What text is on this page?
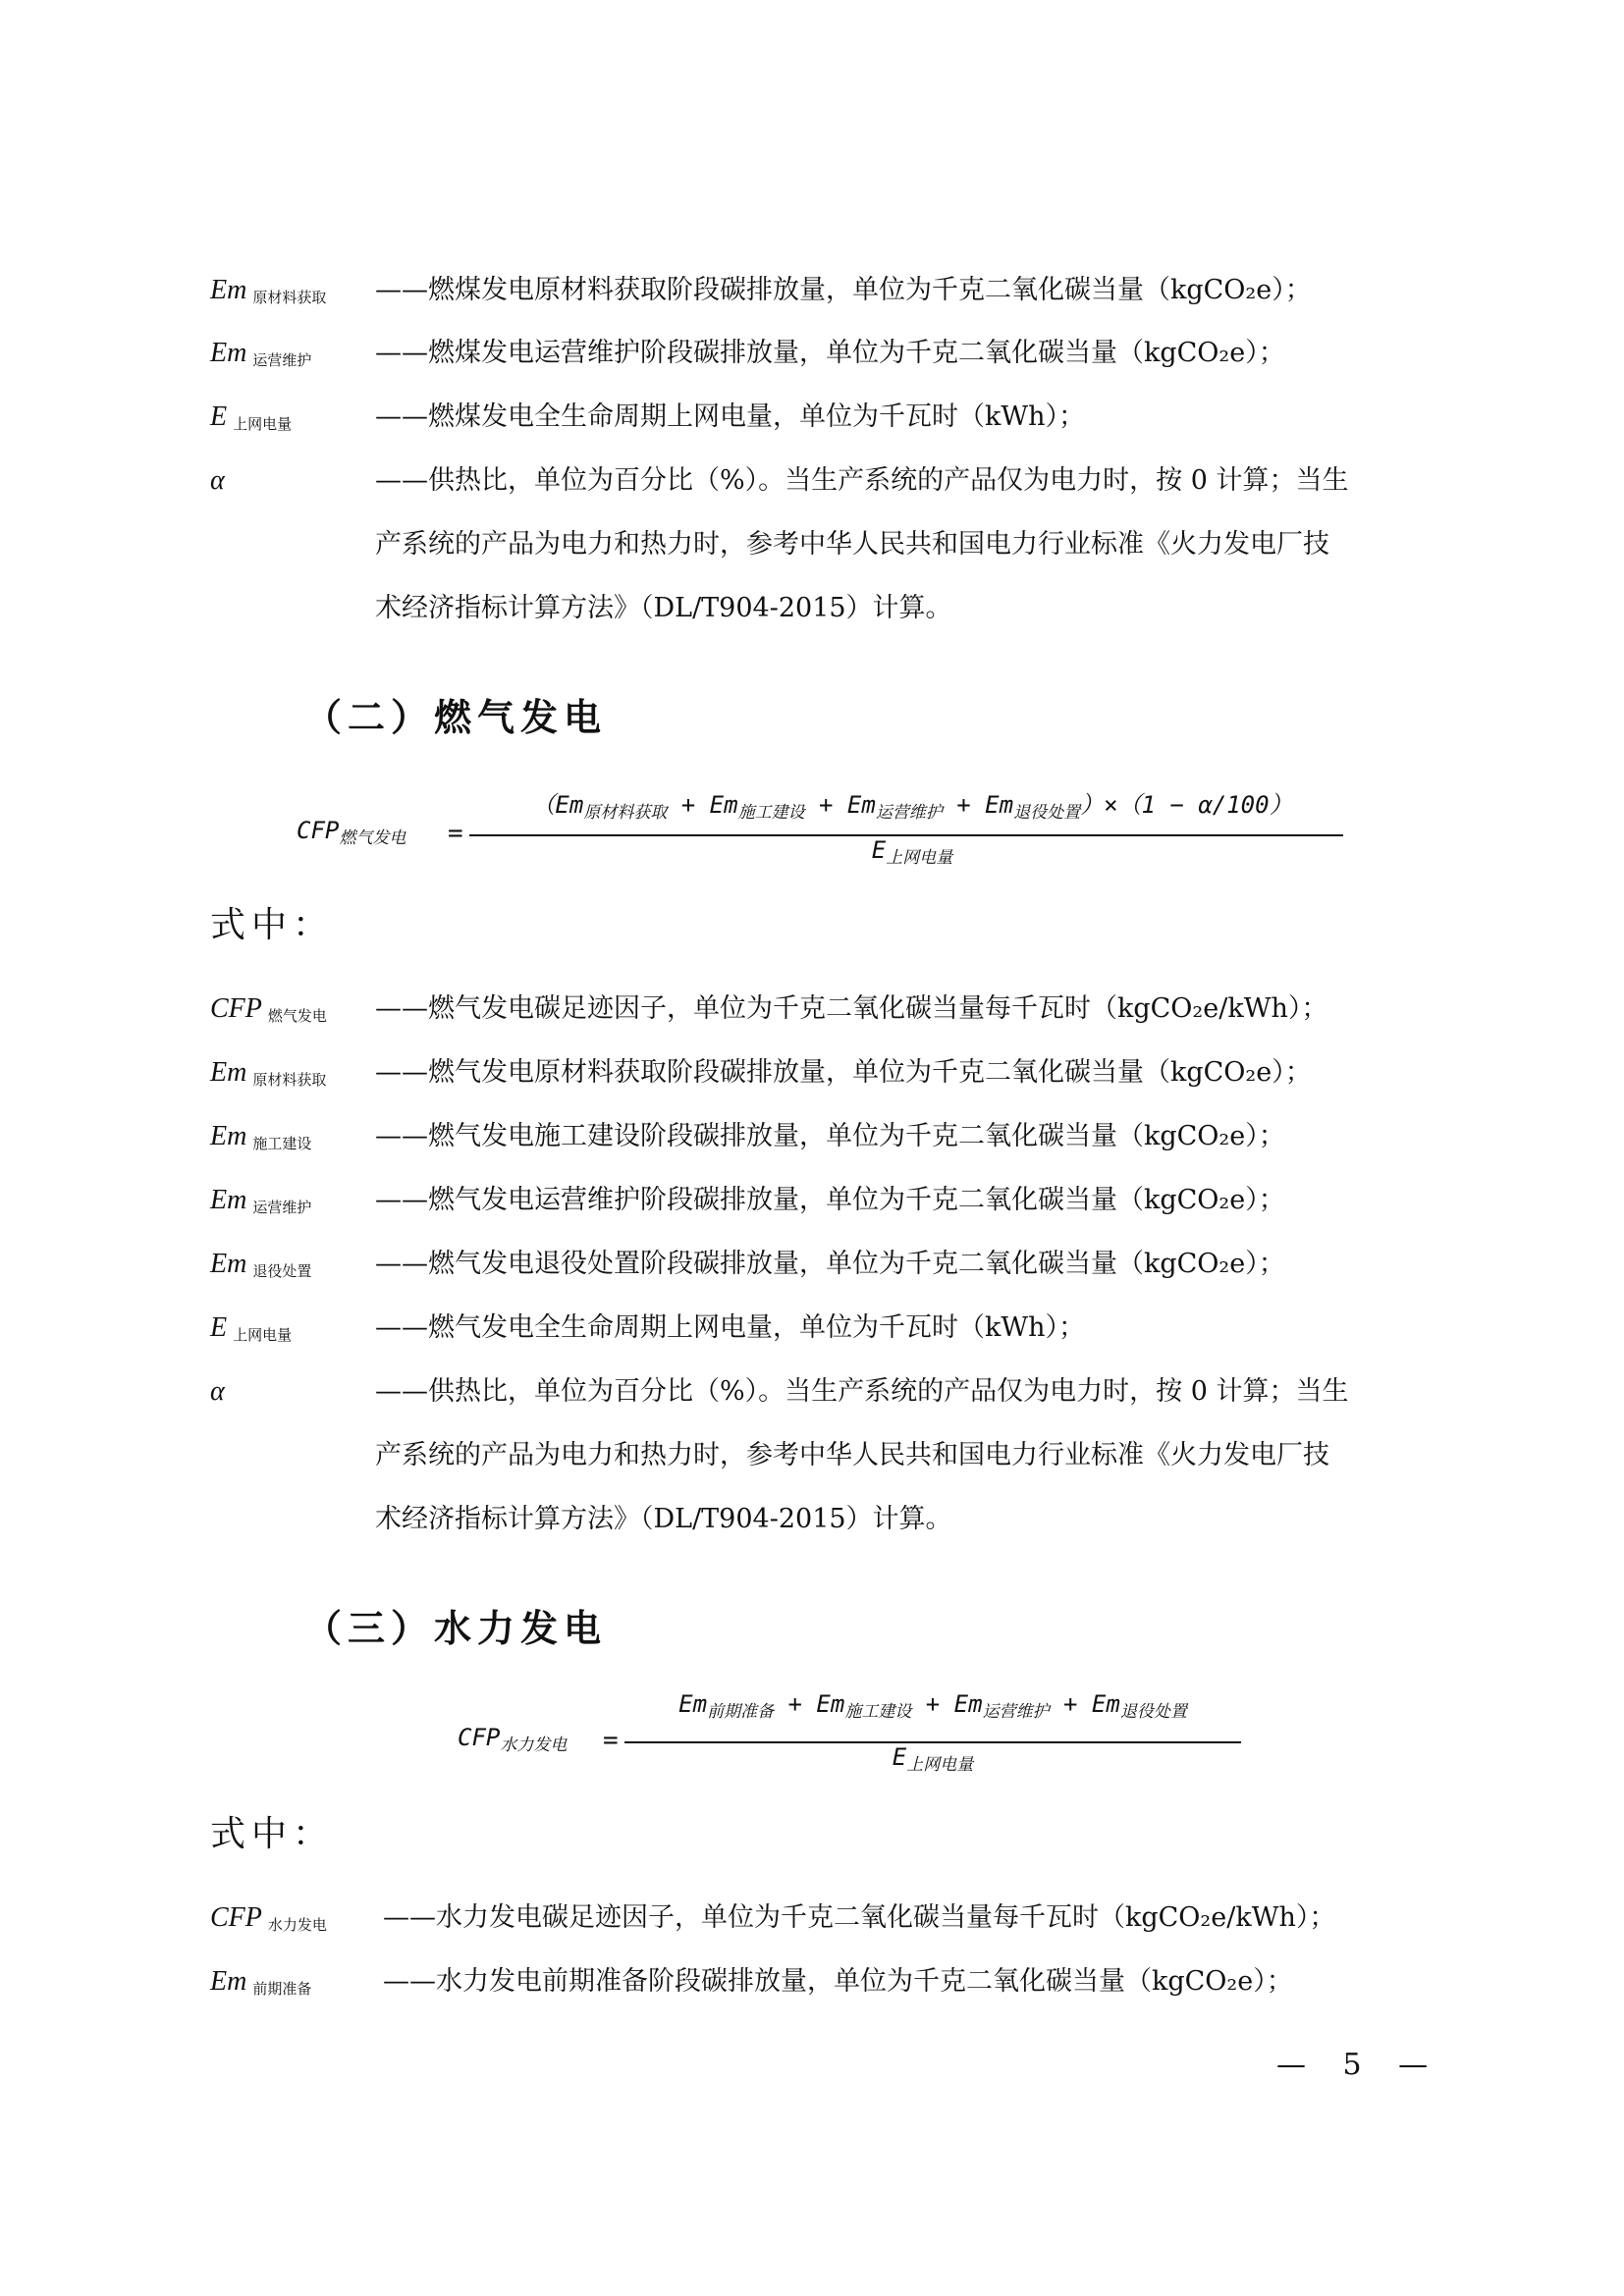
Em $_{原材料获取}$ ——燃煤发电原材料获取阶段碳排放量，单位为千克二氧化碳当量（kgCO₂e）；
Em $_{运营维护}$ ——燃煤发电运营维护阶段碳排放量，单位为千克二氧化碳当量（kgCO₂e）；
E $_{上网电量}$	——燃煤发电全生命周期上网电量，单位为千瓦时（kWh）；
α	——供热比，单位为百分比（%）。当生产系统的产品仅为电力时，按 0 计算；当生
产系统的产品为电力和热力时，参考中华人民共和国电力行业标准《火力发电厂技
术经济指标计算方法》（DL/T904-2015）计算。
（二）燃气发电
$CFP_{燃气发电}$ =
$(Em_{原材料获取} + Em_{施工建设} + Em_{运营维护} + Em_{退役处置})\times(1 - \alpha/100)$
$E_{上网电量}$
式中：
CFP $_{燃气发电}$ ——燃气发电碳足迹因子，单位为千克二氧化碳当量每千瓦时（kgCO₂e/kWh）；
Em $_{原材料获取}$ ——燃气发电原材料获取阶段碳排放量，单位为千克二氧化碳当量（kgCO₂e）；
Em $_{施工建设}$ ——燃气发电施工建设阶段碳排放量，单位为千克二氧化碳当量（kgCO₂e）；
Em $_{运营维护}$ ——燃气发电运营维护阶段碳排放量，单位为千克二氧化碳当量（kgCO₂e）；
Em $_{退役处置}$ ——燃气发电退役处置阶段碳排放量，单位为千克二氧化碳当量（kgCO₂e）；
E $_{上网电量}$	——燃气发电全生命周期上网电量，单位为千瓦时（kWh）；
α	——供热比，单位为百分比（%）。当生产系统的产品仅为电力时，按 0 计算；当生
产系统的产品为电力和热力时，参考中华人民共和国电力行业标准《火力发电厂技
术经济指标计算方法》（DL/T904-2015）计算。
（三）水力发电
$CFP_{水力发电}$ =
$Em_{前期准备} + Em_{施工建设} + Em_{运营维护} + Em_{退役处置}$
$E_{上网电量}$
式中：
CFP $_{水力发电}$ ——水力发电碳足迹因子，单位为千克二氧化碳当量每千瓦时（kgCO₂e/kWh）；
Em $_{前期准备}$	——水力发电前期准备阶段碳排放量，单位为千克二氧化碳当量（kgCO₂e）；
— 5 —
